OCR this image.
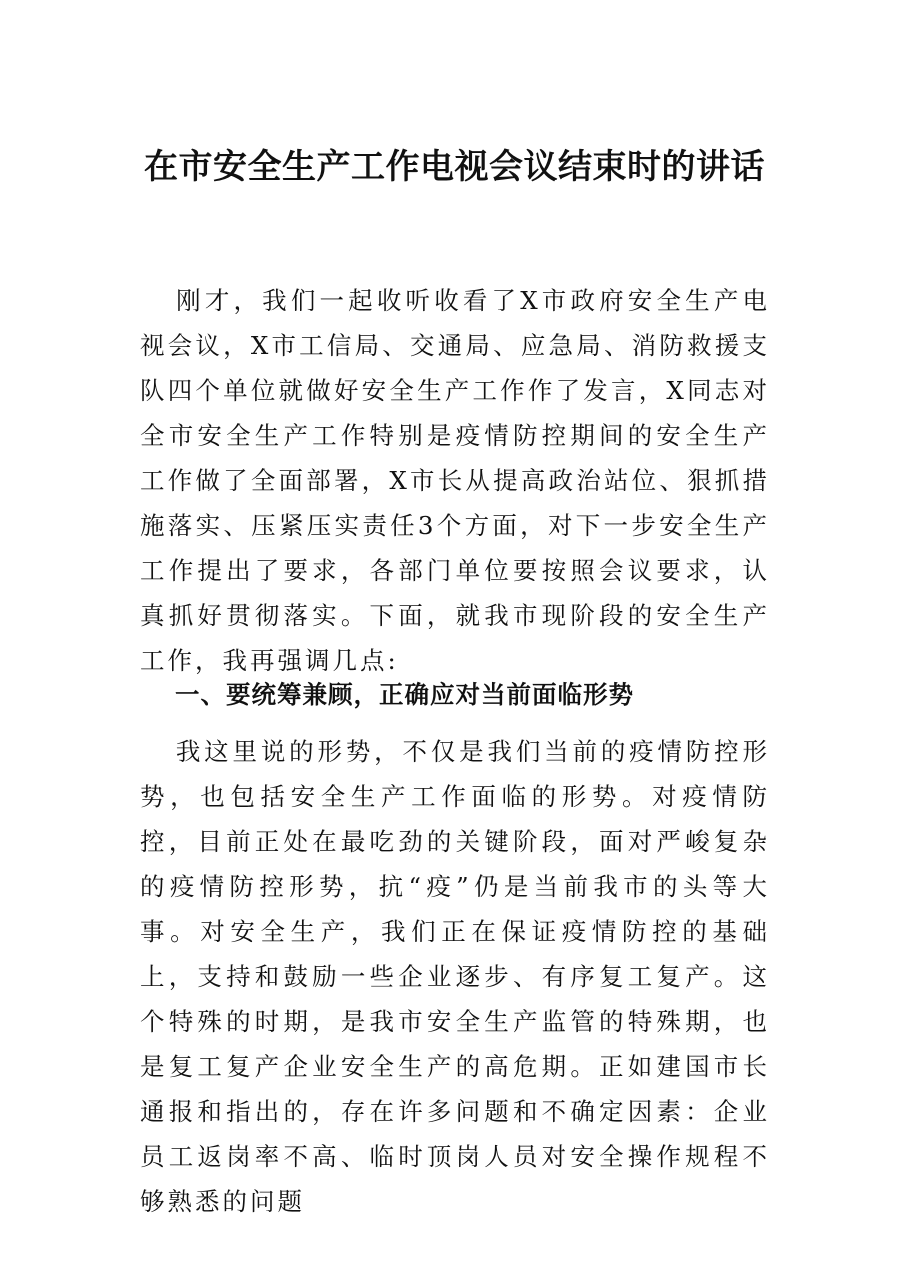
在市安全生产工作电视会议结束时的讲话

刚才，我们一起收听收看了X市政府安全生产电视会议，X市工信局、交通局、应急局、消防救援支队四个单位就做好安全生产工作作了发言，X同志对全市安全生产工作特别是疫情防控期间的安全生产工作做了全面部署，X市长从提高政治站位、狠抓措施落实、压紧压实责任3个方面，对下一步安全生产工作提出了要求，各部门单位要按照会议要求，认真抓好贯彻落实。下面，就我市现阶段的安全生产工作，我再强调几点:

一、要统筹兼顾，正确应对当前面临形势

我这里说的形势，不仅是我们当前的疫情防控形势，也包括安全生产工作面临的形势。对疫情防控，目前正处在最吃劲的关键阶段，面对严峻复杂的疫情防控形势，抗“疫”仍是当前我市的头等大事。对安全生产，我们正在保证疫情防控的基础上，支持和鼓励一些企业逐步、有序复工复产。这个特殊的时期，是我市安全生产监管的特殊期，也是复工复产企业安全生产的高危期。正如建国市长通报和指出的，存在许多问题和不确定因素：企业员工返岗率不高、临时顶岗人员对安全操作规程不够熟悉的问题
